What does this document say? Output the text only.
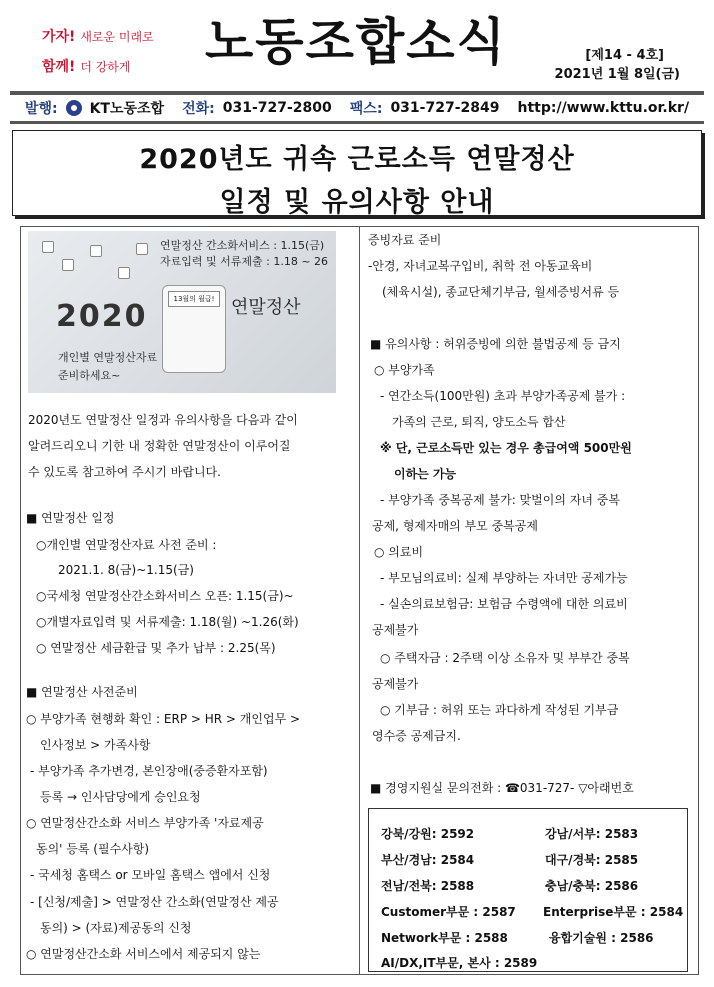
가자! 새로운 미래로
함께! 더 강하게 노동조합소식	[제14 - 4호]
2021년 1월 8일(금)
발행: KT노동조합 전화: 031-727-2800 팩스: 031-727-2849 http://www.kttu.or.kr/
2020년도 귀속 근로소득 연말정산
일정 및 유의사항 안내
연말정산 간소화서비스 : 1.15(금)
자료입력 및 서류제출 : 1.18 ~ 26
2020
개인별 연말정산자료
준비하세요~
13월의 월급! 연말정산
2020년도 연말정산 일정과 유의사항을 다음과 같이
알려드리오니 기한 내 정확한 연말정산이 이루어질
수 있도록 참고하여 주시기 바랍니다.
■ 연말정산 일정
○개인별 연말정산자료 사전 준비 :
2021.1. 8(금)~1.15(금)
○국세청 연말정산간소화서비스 오픈: 1.15(금)~
○개별자료입력 및 서류제출: 1.18(월) ~1.26(화)
○ 연말정산 세금환급 및 추가 납부 : 2.25(목)
■ 연말정산 사전준비
○ 부양가족 현행화 확인 : ERP > HR > 개인업무 >
인사정보 > 가족사항
- 부양가족 추가변경, 본인장애(중증환자포함)
등록 → 인사담당에게 승인요청
○ 연말정산간소화 서비스 부양가족 '자료제공
동의' 등록 (필수사항)
- 국세청 홈택스 or 모바일 홈택스 앱에서 신청
- [신청/제출] > 연말정산 간소화(연말정산 제공
동의) > (자료)제공동의 신청
○ 연말정산간소화 서비스에서 제공되지 않는
증빙자료 준비
-안경, 자녀교복구입비, 취학 전 아동교육비
(체육시설), 종교단체기부금, 월세증빙서류 등
■ 유의사항 : 허위증빙에 의한 불법공제 등 금지
○ 부양가족
- 연간소득(100만원) 초과 부양가족공제 불가 :
가족의 근로, 퇴직, 양도소득 합산
※ 단, 근로소득만 있는 경우 총급여액 500만원
이하는 가능
- 부양가족 중복공제 불가: 맞벌이의 자녀 중복
공제, 형제자매의 부모 중복공제
○ 의료비
- 부모님의료비: 실제 부양하는 자녀만 공제가능
- 실손의료보험금: 보험금 수령액에 대한 의료비
공제불가
○ 주택자금 : 2주택 이상 소유자 및 부부간 중복
공제불가
○ 기부금 : 허위 또는 과다하게 작성된 기부금
영수증 공제금지.
■ 경영지원실 문의전화 : ☎031-727- ▽아래번호
강북/강원: 2592	강남/서부: 2583
부산/경남: 2584	대구/경북: 2585
전남/전북: 2588	충남/충북: 2586
Customer부문 : 2587 Enterprise부문 : 2584
Network부문 : 2588	융합기술원 : 2586
AI/DX,IT부문, 본사 : 2589
